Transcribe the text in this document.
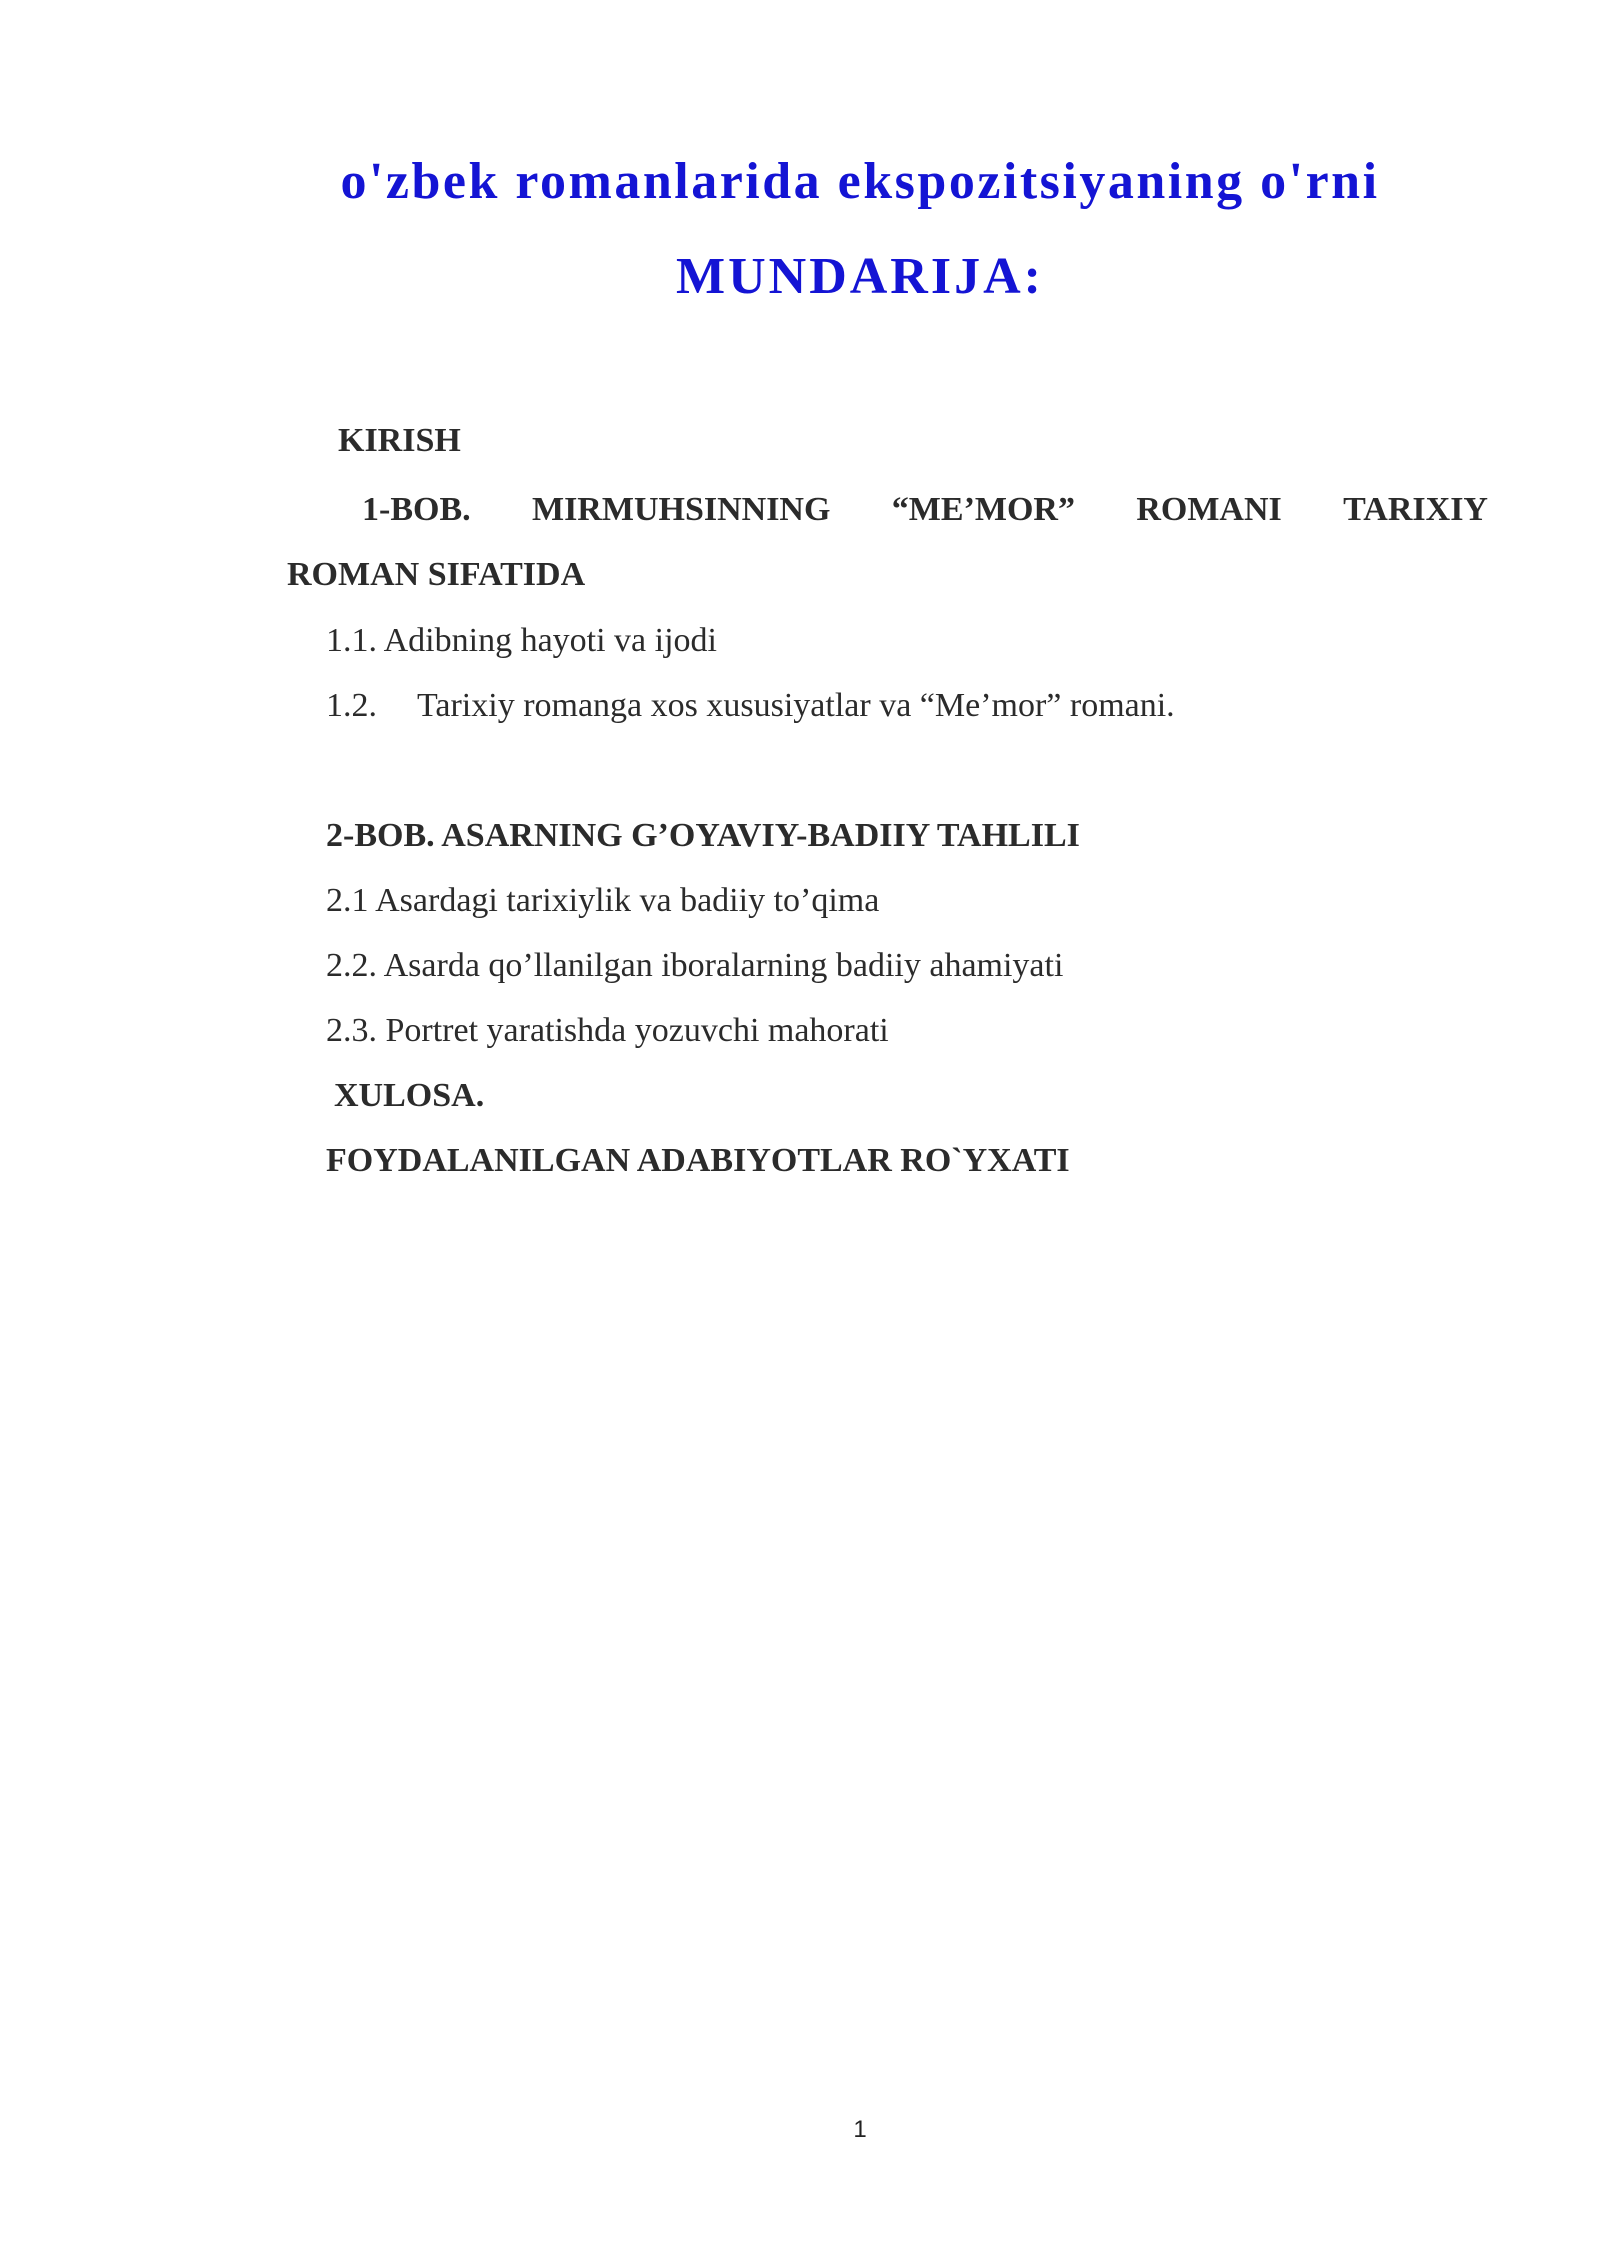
o'zbek romanlarida ekspozitsiyaning o'rni
MUNDARIJA:
KIRISH
1-BOB. MIRMUHSINNING “ME’MOR” ROMANI TARIXIY
ROMAN SIFATIDA
1.1. Adibning hayoti va ijodi
1.2. Tarixiy romanga xos xususiyatlar va “Me’mor” romani.
2-BOB. ASARNING G’OYAVIY-BADIIY TAHLILI
2.1 Asardagi tarixiylik va badiiy to’qima
2.2. Asarda qo’llanilgan iboralarning badiiy ahamiyati
2.3. Portret yaratishda yozuvchi mahorati
XULOSA.
FOYDALANILGAN ADABIYOTLAR RO`YXATI
1
